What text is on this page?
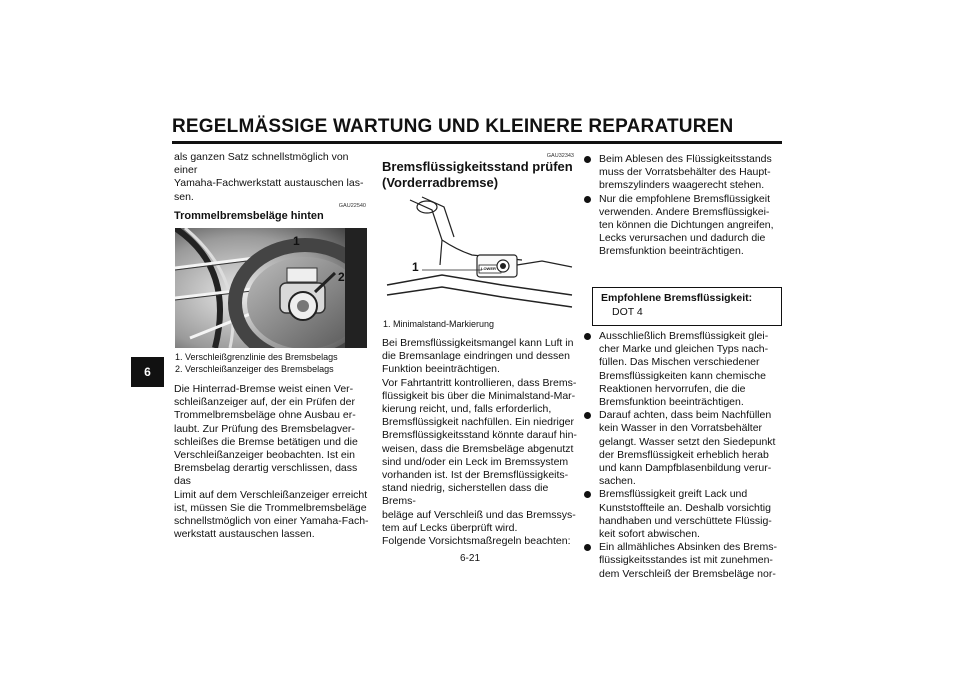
REGELMÄSSIGE WARTUNG UND KLEINERE REPARATUREN
6
als ganzen Satz schnellstmöglich von einer
Yamaha-Fachwerkstatt austauschen las-
sen.
GAU22540
Trommelbremsbeläge hinten
1
2
1. Verschleißgrenzlinie des Bremsbelags
2. Verschleißanzeiger des Bremsbelags
Die Hinterrad-Bremse weist einen Ver-
schleißanzeiger auf, der ein Prüfen der
Trommelbremsbeläge ohne Ausbau er-
laubt. Zur Prüfung des Bremsbelagver-
schleißes die Bremse betätigen und die
Verschleißanzeiger beobachten. Ist ein
Bremsbelag derartig verschlissen, dass das
Limit auf dem Verschleißanzeiger erreicht
ist, müssen Sie die Trommelbremsbeläge
schnellstmöglich von einer Yamaha-Fach-
werkstatt austauschen lassen.
GAU32343
Bremsflüssigkeitsstand prüfen
(Vorderradbremse)
1	LOWER
1. Minimalstand-Markierung
Bei Bremsflüssigkeitsmangel kann Luft in
die Bremsanlage eindringen und dessen
Funktion beeinträchtigen.
Vor Fahrtantritt kontrollieren, dass Brems-
flüssigkeit bis über die Minimalstand-Mar-
kierung reicht, und, falls erforderlich,
Bremsflüssigkeit nachfüllen. Ein niedriger
Bremsflüssigkeitsstand könnte darauf hin-
weisen, dass die Bremsbeläge abgenutzt
sind und/oder ein Leck im Bremssystem
vorhanden ist. Ist der Bremsflüssigkeits-
stand niedrig, sicherstellen dass die Brems-
beläge auf Verschleiß und das Bremssys-
tem auf Lecks überprüft wird.
Folgende Vorsichtsmaßregeln beachten:
Beim Ablesen des Flüssigkeitsstands
muss der Vorratsbehälter des Haupt-
bremszylinders waagerecht stehen.
Nur die empfohlene Bremsflüssigkeit
verwenden. Andere Bremsflüssigkei-
ten können die Dichtungen angreifen,
Lecks verursachen und dadurch die
Bremsfunktion beeinträchtigen.
Empfohlene Bremsflüssigkeit:
DOT 4
Ausschließlich Bremsflüssigkeit glei-
cher Marke und gleichen Typs nach-
füllen. Das Mischen verschiedener
Bremsflüssigkeiten kann chemische
Reaktionen hervorrufen, die die
Bremsfunktion beeinträchtigen.
Darauf achten, dass beim Nachfüllen
kein Wasser in den Vorratsbehälter
gelangt. Wasser setzt den Siedepunkt
der Bremsflüssigkeit erheblich herab
und kann Dampfblasenbildung verur-
sachen.
Bremsflüssigkeit greift Lack und
Kunststoffteile an. Deshalb vorsichtig
handhaben und verschüttete Flüssig-
keit sofort abwischen.
Ein allmähliches Absinken des Brems-
flüssigkeitsstandes ist mit zunehmen-
dem Verschleiß der Bremsbeläge nor-
6-21
